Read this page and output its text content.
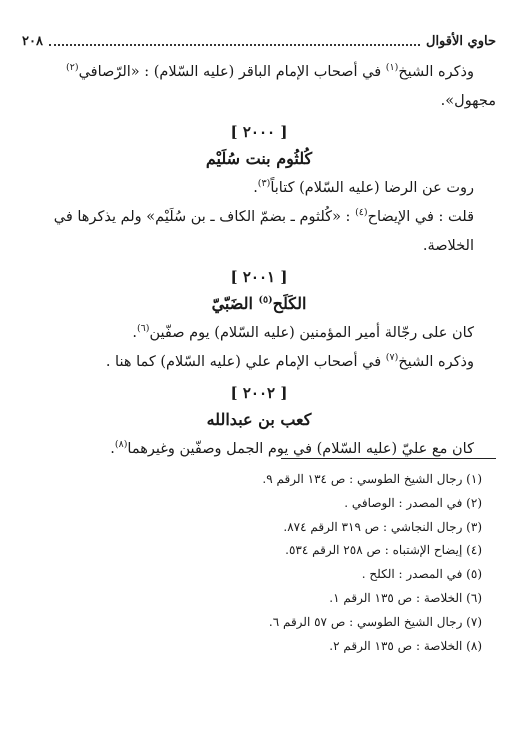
٢٠٨	حاوي الأقوال

وذكره الشيخ$^{(١)}$ في أصحاب الإمام الباقر (عليه السّلام) : «الرّصافي$^{(٢)}$

مجهول».

[ ٢٠٠٠ ]

كُلثُوم بنت سُلَيْم

روت عن الرضا (عليه السّلام) كتاباً$^{(٣)}$.

قلت : في الإيضاح$^{(٤)}$ : «كُلثوم ـ بضمّ الكاف ـ بن سُلَيْم» ولم يذكرها في الخلاصة.

[ ٢٠٠١ ]

الكَلَح$^{(٥)}$ الضَبّيّ

كان على رجّالة أمير المؤمنين (عليه السّلام) يوم صفّين$^{(٦)}$.

وذكره الشيخ$^{(٧)}$ في أصحاب الإمام علي (عليه السّلام) كما هنا .

[ ٢٠٠٢ ]

كعب بن عبدالله

كان مع عليّ (عليه السّلام) في يوم الجمل وصفّين وغيرهما$^{(٨)}$.

(١) رجال الشيخ الطوسي : ص ١٣٤ الرقم ٩.

(٢) في المصدر : الوصافي .

(٣) رجال النجاشي : ص ٣١٩ الرقم ٨٧٤.

(٤) إيضاح الإشتباه : ص ٢٥٨ الرقم ٥٣٤.

(٥) في المصدر : الكلح .

(٦) الخلاصة : ص ١٣٥ الرقم ١.

(٧) رجال الشيخ الطوسي : ص ٥٧ الرقم ٦.

(٨) الخلاصة : ص ١٣٥ الرقم ٢.
